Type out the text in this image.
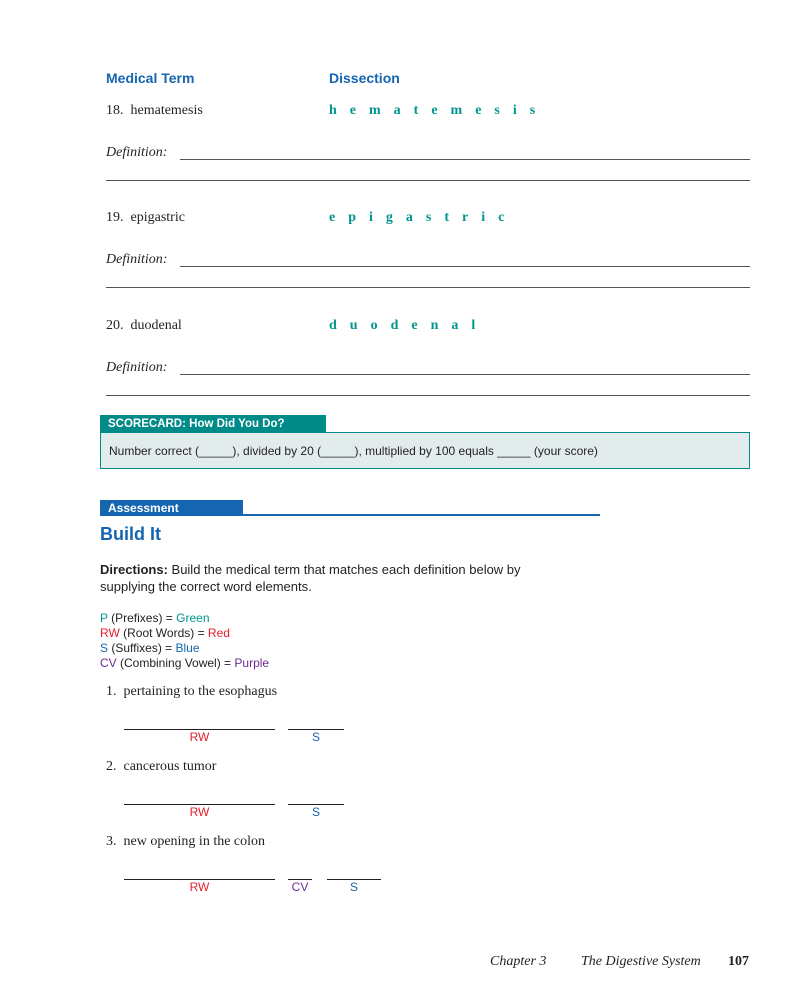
Medical Term	Dissection
18. hematemesis	hematemesis
Definition:
19. epigastric	epigastric
Definition:
20. duodenal	duodenal
Definition:
SCORECARD: How Did You Do?
Number correct (_____), divided by 20 (_____), multiplied by 100 equals _____ (your score)
Assessment
Build It
Directions: Build the medical term that matches each definition below by supplying the correct word elements.
P (Prefixes) = Green
RW (Root Words) = Red
S (Suffixes) = Blue
CV (Combining Vowel) = Purple
1. pertaining to the esophagus
RW	S
2. cancerous tumor
RW	S
3. new opening in the colon
RW	CV	S
Chapter 3 The Digestive System 107
